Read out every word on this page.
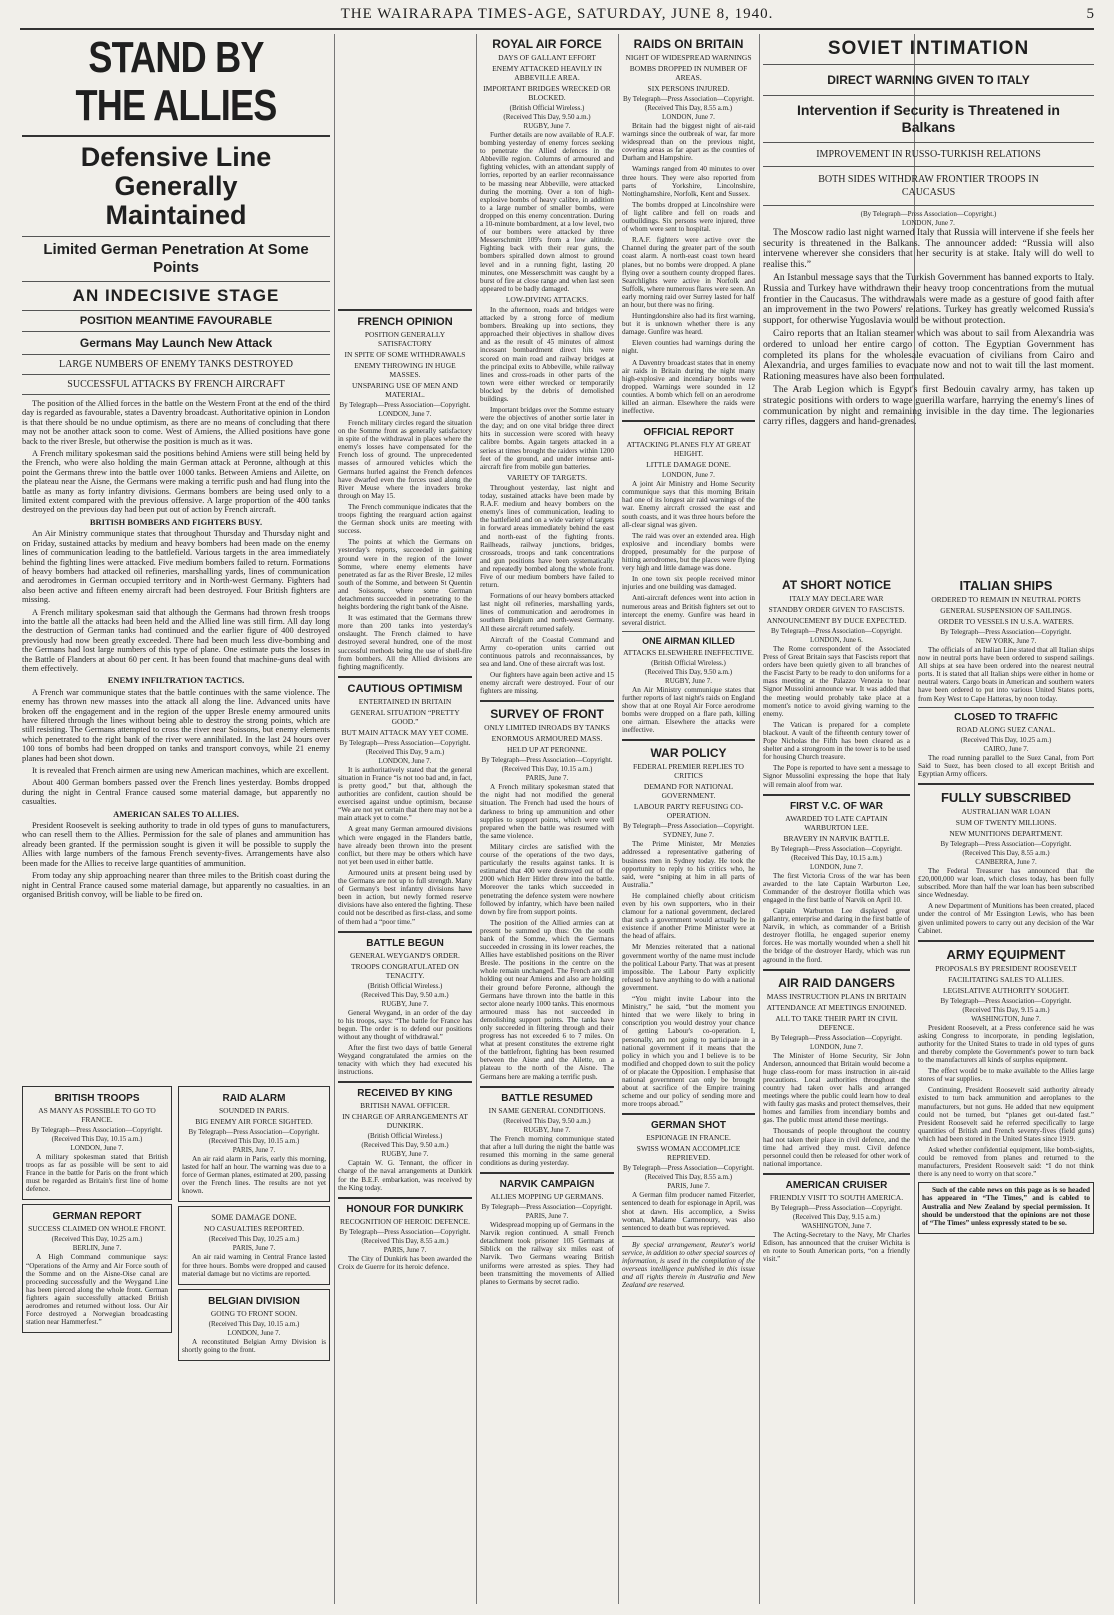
THE WAIRARAPA TIMES-AGE, SATURDAY, JUNE 8, 1940.	5
STAND BY THE ALLIES
Defensive Line Generally Maintained
Limited German Penetration At Some Points
AN INDECISIVE STAGE
POSITION MEANTIME FAVOURABLE
Germans May Launch New Attack
LARGE NUMBERS OF ENEMY TANKS DESTROYED
SUCCESSFUL ATTACKS BY FRENCH AIRCRAFT

The position of the Allied forces in the battle on the Western Front at the end of the third day is regarded as favourable, states a Daventry broadcast. Authoritative opinion in London is that there should be no undue optimism, as there are no means of concluding that there may not be another attack soon to come. West of Amiens, the Allied positions have gone back to the river Bresle, but otherwise the position is much as it was.

A French military spokesman said the positions behind Amiens were still being held by the French, who were also holding the main German attack at Peronne, although at this point the Germans threw into the battle over 1000 tanks. Between Amiens and Ailette, on the plateau near the Aisne, the Germans were making a terrific push and had flung into the battle as many as forty infantry divisions. Germans bombers are being used only to a limited extent compared with the previous offensive. A large proportion of the 400 tanks destroyed on the previous day had been put out of action by French aircraft.

BRITISH BOMBERS AND FIGHTERS BUSY.

An Air Ministry communique states that throughout Thursday and Thursday night and on Friday, sustained attacks by medium and heavy bombers had been made on the enemy lines of communication leading to the battlefield. Various targets in the area immediately behind the fighting lines were attacked. Five medium bombers failed to return. Formations of heavy bombers had attacked oil refineries, marshalling yards, lines of communication and aerodromes in German occupied territory and in North-west Germany. Fighters had also been active and fifteen enemy aircraft had been destroyed. Four British fighters are missing.

A French military spokesman said that although the Germans had thrown fresh troops into the battle all the attacks had been held and the Allied line was still firm. All day long the destruction of German tanks had continued and the earlier figure of 400 destroyed previously had now been greatly exceeded. There had been much less dive-bombing and the Germans had lost large numbers of this type of plane. One estimate puts the losses in the Battle of Flanders at about 60 per cent. It has been found that machine-guns deal with them effectively.

ENEMY INFILTRATION TACTICS.

A French war communique states that the battle continues with the same violence. The enemy has thrown new masses into the attack all along the line. Advanced units have broken off the engagement and in the region of the upper Bresle enemy armoured units have filtered through the lines without being able to destroy the strong points, which are still resisting. The Germans attempted to cross the river near Soissons, but enemy elements which penetrated to the right bank of the river were annihilated. In the last 24 hours over 100 tons of bombs had been dropped on tanks and transport convoys, while 21 enemy planes had been shot down.

It is revealed that French airmen are using new American machines, which are excellent.

About 400 German bombers passed over the French lines yesterday. Bombs dropped during the night in Central France caused some material damage, but apparently no casualties.

AMERICAN SALES TO ALLIES.

President Roosevelt is seeking authority to trade in old types of guns to manufacturers, who can resell them to the Allies. Permission for the sale of planes and ammunition has already been granted. If the permission sought is given it will be possible to supply the Allies with large numbers of the famous French seventy-fives. Arrangements have also been made for the Allies to receive large quantities of ammunition.

From today any ship approaching nearer than three miles to the British coast during the night in Central France caused some material damage, but apparently no casualties. in an organised British convoy, will be liable to be fired on.

BRITISH TROOPS
AS MANY AS POSSIBLE TO GO TO FRANCE.
By Telegraph—Press Association—Copyright.
(Received This Day, 10.15 a.m.)
LONDON, June 7.

A military spokesman stated that British troops as far as possible will be sent to aid France in the battle for Paris on the front which must be regarded as Britain's first line of home defence.

GERMAN REPORT
SUCCESS CLAIMED ON WHOLE FRONT.
(Received This Day, 10.25 a.m.)
BERLIN, June 7.

A High Command communique says: “Operations of the Army and Air Force south of the Somme and on the Aisne-Oise canal are proceeding successfully and the Weygand Line has been pierced along the whole front. German fighters again successfully attacked British aerodromes and returned without loss. Our Air Force destroyed a Norwegian broadcasting station near Hammerfest.”

RAID ALARM
SOUNDED IN PARIS.
BIG ENEMY AIR FORCE SIGHTED.
By Telegraph—Press Association—Copyright.
(Received This Day, 10.15 a.m.)
PARIS, June 7.

An air raid alarm in Paris, early this morning, lasted for half an hour. The warning was due to a force of German planes, estimated at 200, passing over the French lines. The results are not yet known.

SOME DAMAGE DONE.
NO CASUALTIES REPORTED.
(Received This Day, 10.25 a.m.)
PARIS, June 7.

An air raid warning in Central France lasted for three hours. Bombs were dropped and caused material damage but no victims are reported.

BELGIAN DIVISION
GOING TO FRONT SOON.
(Received This Day, 10.15 a.m.)
LONDON, June 7.

A reconstituted Belgian Army Division is shortly going to the front.

FRENCH OPINION
POSITION GENERALLY SATISFACTORY
IN SPITE OF SOME WITHDRAWALS
ENEMY THROWING IN HUGE MASSES.
UNSPARING USE OF MEN AND MATERIAL.
By Telegraph—Press Association—Copyright.
LONDON, June 7.

French military circles regard the situation on the Somme front as generally satisfactory in spite of the withdrawal in places where the enemy's losses have compensated for the French loss of ground. The unprecedented masses of armoured vehicles which the Germans hurled against the French defences have dwarfed even the forces used along the River Meuse where the invaders broke through on May 15.

The French communique indicates that the troops fighting the rearguard action against the German shock units are meeting with success.

The points at which the Germans on yesterday's reports, succeeded in gaining ground were in the region of the lower Somme, where enemy elements have penetrated as far as the River Bresle, 12 miles south of the Somme, and between St Quentin and Soissons, where some German detachments succeeded in penetrating to the heights bordering the right bank of the Aisne.

It was estimated that the Germans threw more than 200 tanks into yesterday's onslaught. The French claimed to have destroyed several hundred, one of the most successful methods being the use of shell-fire from bombers. All the Allied divisions are fighting magnificently.

CAUTIOUS OPTIMISM
ENTERTAINED IN BRITAIN
GENERAL SITUATION “PRETTY GOOD.”
BUT MAIN ATTACK MAY YET COME.
By Telegraph—Press Association—Copyright.
(Received This Day, 9 a.m.)
LONDON, June 7.

It is authoritatively stated that the general situation in France “is not too bad and, in fact, is pretty good,” but that, although the authorities are confident, caution should be exercised against undue optimism, because “We are not yet certain that there may not be a main attack yet to come.”

A great many German armoured divisions which were engaged in the Flanders battle, have already been thrown into the present conflict, but there may be others which have not yet been used in either battle.

Armoured units at present being used by the Germans are not up to full strength. Many of Germany's best infantry divisions have been in action, but newly formed reserve divisions have also entered the fighting. These could not be described as first-class, and some of them had a “poor time.”

BATTLE BEGUN
GENERAL WEYGAND'S ORDER.
TROOPS CONGRATULATED ON TENACITY.
(British Official Wireless.)
(Received This Day, 9.50 a.m.)
RUGBY, June 7.

General Weygand, in an order of the day to his troops, says: “The battle for France has begun. The order is to defend our positions without any thought of withdrawal.”

After the first two days of battle General Weygand congratulated the armies on the tenacity with which they had executed his instructions.

RECEIVED BY KING
BRITISH NAVAL OFFICER.
IN CHARGE OF ARRANGEMENTS AT DUNKIRK.
(British Official Wireless.)
(Received This Day, 9.50 a.m.)
RUGBY, June 7.

Captain W. G. Tennant, the officer in charge of the naval arrangements at Dunkirk for the B.E.F. embarkation, was received by the King today.

HONOUR FOR DUNKIRK
RECOGNITION OF HEROIC DEFENCE.
By Telegraph—Press Association—Copyright.
(Received This Day, 8.55 a.m.)
PARIS, June 7.

The City of Dunkirk has been awarded the Croix de Guerre for its heroic defence.

ROYAL AIR FORCE
DAYS OF GALLANT EFFORT
ENEMY ATTACKED HEAVILY IN ABBEVILLE AREA.
IMPORTANT BRIDGES WRECKED OR BLOCKED.
(British Official Wireless.)
(Received This Day, 9.50 a.m.)
RUGBY, June 7.

Further details are now available of R.A.F. bombing yesterday of enemy forces seeking to penetrate the Allied defences in the Abbeville region. Columns of armoured and fighting vehicles, with an attendant supply of lorries, reported by an earlier reconnaissance to be massing near Abbeville, were attacked during the morning. Over a ton of high-explosive bombs of heavy calibre, in addition to a large number of smaller bombs, were dropped on this enemy concentration. During a 10-minute bombardment, at a low level, two of our bombers were attacked by three Messerschmitt 109's from a low altitude. Fighting back with their rear guns, the bombers spiralled down almost to ground level and in a running fight, lasting 20 minutes, one Messerschmitt was caught by a burst of fire at close range and when last seen appeared to be badly damaged.

LOW-DIVING ATTACKS.

In the afternoon, roads and bridges were attacked by a strong force of medium bombers. Breaking up into sections, they approached their objectives in shallow dives and as the result of 45 minutes of almost incessant bombardment direct hits were scored on main road and railway bridges at the principal exits to Abbeville, while railway lines and cross-roads in other parts of the town were either wrecked or temporarily blocked by the debris of demolished buildings.

Important bridges over the Somme estuary were the objectives of another sortie later in the day; and on one vital bridge three direct hits in succession were scored with heavy calibre bombs. Again targets attacked in a series at times brought the raiders within 1200 feet of the ground, and under intense anti-aircraft fire from mobile gun batteries.

VARIETY OF TARGETS.

Throughout yesterday, last night and today, sustained attacks have been made by R.A.F. medium and heavy bombers on the enemy's lines of communication, leading to the battlefield and on a wide variety of targets in forward areas immediately behind the east and north-east of the fighting fronts. Railheads, railway junctions, bridges, crossroads, troops and tank concentrations and gun positions have been systematically and repeatedly bombed along the whole front. Five of our medium bombers have failed to return.

Formations of our heavy bombers attacked last night oil refineries, marshalling yards, lines of communication and aerodromes in southern Belgium and north-west Germany. All these aircraft returned safely.

Aircraft of the Coastal Command and Army co-operation units carried out continuous patrols and reconnaissances, by sea and land. One of these aircraft was lost.

Our fighters have again been active and 15 enemy aircraft were destroyed. Four of our fighters are missing.

SURVEY OF FRONT
ONLY LIMITED INROADS BY TANKS
ENORMOUS ARMOURED MASS.
HELD UP AT PERONNE.
By Telegraph—Press Association—Copyright.
(Received This Day, 10.15 a.m.)
PARIS, June 7.

A French military spokesman stated that the night had not modified the general situation. The French had used the hours of darkness to bring up ammunition and other supplies to support points, which were well prepared when the battle was resumed with the same violence.

Military circles are satisfied with the course of the operations of the two days, particularly the results against tanks. It is estimated that 400 were destroyed out of the 2000 which Herr Hitler threw into the battle. Moreover the tanks which succeeded in penetrating the defence system were nowhere followed by infantry, which have been nailed down by fire from support points.

The position of the Allied armies can at present be summed up thus: On the south bank of the Somme, which the Germans succeeded in crossing in its lower reaches, the Allies have established positions on the River Bresle. The positions in the centre on the whole remain unchanged. The French are still holding out near Amiens and also are holding their ground before Peronne, although the Germans have thrown into the battle in this sector alone nearly 1000 tanks. This enormous armoured mass has not succeeded in demolishing support points. The tanks have only succeeded in filtering through and their progress has not exceeded 6 to 7 miles. On what at present constitutes the extreme right of the battlefront, fighting has been resumed between the Aisne and the Ailette, on a plateau to the north of the Aisne. The Germans here are making a terrific push.

BATTLE RESUMED
IN SAME GENERAL CONDITIONS.
(Received This Day, 9.50 a.m.)
RUGBY, June 7.

The French morning communique stated that after a lull during the night the battle was resumed this morning in the same general conditions as during yesterday.

NARVIK CAMPAIGN
ALLIES MOPPING UP GERMANS.
By Telegraph—Press Association—Copyright.
PARIS, June 7.

Widespread mopping up of Germans in the Narvik region continued. A small French detachment took prisoner 105 Germans at Siblick on the railway six miles east of Narvik. Two Germans wearing British uniforms were arrested as spies. They had been transmitting the movements of Allied planes to Germans by secret radio.

RAIDS ON BRITAIN
NIGHT OF WIDESPREAD WARNINGS
BOMBS DROPPED IN NUMBER OF AREAS.
SIX PERSONS INJURED.
By Telegraph—Press Association—Copyright.
(Received This Day, 8.55 a.m.)
LONDON, June 7.

Britain had the biggest night of air-raid warnings since the outbreak of war, far more widespread than on the previous night, covering areas as far apart as the counties of Durham and Hampshire.

Warnings ranged from 40 minutes to over three hours. They were also reported from parts of Yorkshire, Lincolnshire, Nottinghamshire, Norfolk, Kent and Sussex.

The bombs dropped at Lincolnshire were of light calibre and fell on roads and outbuildings. Six persons were injured, three of whom were sent to hospital.

R.A.F. fighters were active over the Channel during the greater part of the south coast alarm. A north-east coast town heard planes, but no bombs were dropped. A plane flying over a southern county dropped flares. Searchlights were active in Norfolk and Suffolk, where numerous flares were seen. An early morning raid over Surrey lasted for half an hour, but there was no firing.

Huntingdonshire also had its first warning, but it is unknown whether there is any damage. Gunfire was heard.

Eleven counties had warnings during the night.

A Daventry broadcast states that in enemy air raids in Britain during the night many high-explosive and incendiary bombs were dropped. Warnings were sounded in 12 counties. A bomb which fell on an aerodrome killed an airman. Elsewhere the raids were ineffective.

OFFICIAL REPORT
ATTACKING PLANES FLY AT GREAT HEIGHT.
LITTLE DAMAGE DONE.
LONDON, June 7.

A joint Air Ministry and Home Security communique says that this morning Britain had one of its longest air raid warnings of the war. Enemy aircraft crossed the east and south coasts, and it was three hours before the all-clear signal was given.

The raid was over an extended area. High explosive and incendiary bombs were dropped, presumably for the purpose of hitting aerodromes, but the places were flying very high and little damage was done.

In one town six people received minor injuries and one building was damaged.

Anti-aircraft defences went into action in numerous areas and British fighters set out to intercept the enemy. Gunfire was heard in several district.

ONE AIRMAN KILLED
ATTACKS ELSEWHERE INEFFECTIVE.
(British Official Wireless.)
(Received This Day, 9.50 a.m.)
RUGBY, June 7.

An Air Ministry communique states that further reports of last night's raids on England show that at one Royal Air Force aerodrome bombs were dropped on a flare path, killing one airman. Elsewhere the attacks were ineffective.

WAR POLICY
FEDERAL PREMIER REPLIES TO CRITICS
DEMAND FOR NATIONAL GOVERNMENT.
LABOUR PARTY REFUSING CO-OPERATION.
By Telegraph—Press Association—Copyright.
SYDNEY, June 7.

The Prime Minister, Mr Menzies addressed a representative gathering of business men in Sydney today. He took the opportunity to reply to his critics who, he said, were “sniping at him in all parts of Australia.”

He complained chiefly about criticism even by his own supporters, who in their clamour for a national government, declared that such a government would actually be in existence if another Prime Minister were at the head of affairs.

Mr Menzies reiterated that a national government worthy of the name must include the political Labour Party. That was at present impossible. The Labour Party explicitly refused to have anything to do with a national government.

“You might invite Labour into the Ministry,” he said, “but the moment you hinted that we were likely to bring in conscription you would destroy your chance of getting Labour's co-operation. I, personally, am not going to participate in a national government if it means that the policy in which you and I believe is to be modified and chopped down to suit the policy of or placate the Opposition. I emphasise that national government can only be brought about at sacrifice of the Empire training scheme and our policy of sending more and more troops abroad.”

GERMAN SHOT
ESPIONAGE IN FRANCE.
SWISS WOMAN ACCOMPLICE REPRIEVED.
By Telegraph—Press Association—Copyright.
(Received This Day, 8.55 a.m.)
PARIS, June 7.

A German film producer named Fitzerler, sentenced to death for espionage in April, was shot at dawn. His accomplice, a Swiss woman, Madame Carmenoury, was also sentenced to death but was reprieved.

By special arrangement, Reuter's world service, in addition to other special sources of information, is used in the compilation of the overseas intelligence published in this issue and all rights therein in Australia and New Zealand are reserved.

SOVIET INTIMATION
DIRECT WARNING GIVEN TO ITALY
Intervention if Security is Threatened in Balkans
IMPROVEMENT IN RUSSO-TURKISH RELATIONS
BOTH SIDES WITHDRAW FRONTIER TROOPS IN CAUCASUS
(By Telegraph—Press Association—Copyright.)
LONDON, June 7.

The Moscow radio last night warned Italy that Russia will intervene if she feels her security is threatened in the Balkans. The announcer added: “Russia will also intervene wherever she considers that her security is at stake. Italy will do well to realise this.”

An Istanbul message says that the Turkish Government has banned exports to Italy. Russia and Turkey have withdrawn their heavy troop concentrations from the mutual frontier in the Caucasus. The withdrawals were made as a gesture of good faith after an improvement in the two Powers' relations. Turkey has greatly welcomed Russia's support, for otherwise Yugoslavia would be without protection.

Cairo reports that an Italian steamer which was about to sail from Alexandria was ordered to unload her entire cargo of cotton. The Egyptian Government has completed its plans for the wholesale evacuation of civilians from Cairo and Alexandria, and urges families to evacuate now and not to wait till the last moment. Rationing measures have also been formulated.

The Arab Legion which is Egypt's first Bedouin cavalry army, has taken up strategic positions with orders to wage guerilla warfare, harrying the enemy's lines of communication by night and remaining invisible in the day time. The legionaries carry rifles, daggers and hand-grenades.

AT SHORT NOTICE
ITALY MAY DECLARE WAR
STANDBY ORDER GIVEN TO FASCISTS.
ANNOUNCEMENT BY DUCE EXPECTED.
By Telegraph—Press Association—Copyright.
LONDON, June 6.

The Rome correspondent of the Associated Press of Great Britain says that Fascists report that orders have been quietly given to all branches of the Fascist Party to be ready to don uniforms for a mass meeting at the Palazzo Venezia to hear Signor Mussolini announce war. It was added that the meeting would probably take place at a moment's notice to avoid giving warning to the enemy.

The Vatican is prepared for a complete blackout. A vault of the fifteenth century tower of Pope Nicholas the Fifth has been cleared as a shelter and a strongroom in the tower is to be used for housing Church treasure.

The Pope is reported to have sent a message to Signor Mussolini expressing the hope that Italy will remain aloof from war.

FIRST V.C. OF WAR
AWARDED TO LATE CAPTAIN WARBURTON LEE.
BRAVERY IN NARVIK BATTLE.
By Telegraph—Press Association—Copyright.
(Received This Day, 10.15 a.m.)
LONDON, June 7.

The first Victoria Cross of the war has been awarded to the late Captain Warburton Lee, Commander of the destroyer flotilla which was engaged in the first battle of Narvik on April 10.

Captain Warburton Lee displayed great gallantry, enterprise and daring in the first battle of Narvik, in which, as commander of a British destroyer flotilla, he engaged superior enemy forces. He was mortally wounded when a shell hit the bridge of the destroyer Hardy, which was run aground in the fiord.

AIR RAID DANGERS
MASS INSTRUCTION PLANS IN BRITAIN
ATTENDANCE AT MEETINGS ENJOINED.
ALL TO TAKE THEIR PART IN CIVIL DEFENCE.
By Telegraph—Press Association—Copyright.
LONDON, June 7.

The Minister of Home Security, Sir John Anderson, announced that Britain would become a huge class-room for mass instruction in air-raid precautions. Local authorities throughout the country had taken over halls and arranged meetings where the public could learn how to deal with faulty gas masks and protect themselves, their homes and families from incendiary bombs and gas. The public must attend these meetings.

Thousands of people throughout the country had not taken their place in civil defence, and the time had arrived they must. Civil defence personnel could then be released for other work of national importance.

AMERICAN CRUISER
FRIENDLY VISIT TO SOUTH AMERICA.
By Telegraph—Press Association—Copyright.
(Received This Day, 9.15 a.m.)
WASHINGTON, June 7.

The Acting-Secretary to the Navy, Mr Charles Edison, has announced that the cruiser Wichita is en route to South American ports, “on a friendly visit.”

ITALIAN SHIPS
ORDERED TO REMAIN IN NEUTRAL PORTS
GENERAL SUSPENSION OF SAILINGS.
ORDER TO VESSELS IN U.S.A. WATERS.
By Telegraph—Press Association—Copyright.
NEW YORK, June 7.

The officials of an Italian Line stated that all Italian ships now in neutral ports have been ordered to suspend sailings. All ships at sea have been ordered into the nearest neutral ports. It is stated that all Italian ships were either in home or neutral waters. Cargo boats in American and southern waters have been ordered to put into various United States ports, from Key West to Cape Hatteras, by noon today.

CLOSED TO TRAFFIC
ROAD ALONG SUEZ CANAL.
(Received This Day, 10.25 a.m.)
CAIRO, June 7.

The road running parallel to the Suez Canal, from Port Said to Suez, has been closed to all except British and Egyptian Army officers.

FULLY SUBSCRIBED
AUSTRALIAN WAR LOAN
SUM OF TWENTY MILLIONS.
NEW MUNITIONS DEPARTMENT.
By Telegraph—Press Association—Copyright.
(Received This Day, 8.55 a.m.)
CANBERRA, June 7.

The Federal Treasurer has announced that the £20,000,000 war loan, which closes today, has been fully subscribed. More than half the war loan has been subscribed since Wednesday.

A new Department of Munitions has been created, placed under the control of Mr Essington Lewis, who has been given unlimited powers to carry out any decision of the War Cabinet.

ARMY EQUIPMENT
PROPOSALS BY PRESIDENT ROOSEVELT
FACILITATING SALES TO ALLIES.
LEGISLATIVE AUTHORITY SOUGHT.
By Telegraph—Press Association—Copyright.
(Received This Day, 9.15 a.m.)
WASHINGTON, June 7.

President Roosevelt, at a Press conference said he was asking Congress to incorporate, in pending legislation, authority for the United States to trade in old types of guns and thereby complete the Government's power to turn back to the manufacturers all kinds of surplus equipment.

The effect would be to make available to the Allies large stores of war supplies.

Continuing, President Roosevelt said authority already existed to turn back ammunition and aeroplanes to the manufacturers, but not guns. He added that new equipment could not be turned, but “planes get out-dated fast.” President Roosevelt said he referred specifically to large quantities of British and French seventy-fives (field guns) which had been stored in the United States since 1919.

Asked whether confidential equipment, like bomb-sights, could be removed from planes and returned to the manufacturers, President Roosevelt said: “I do not think there is any need to worry on that score.”

Such of the cable news on this page as is so headed has appeared in “The Times,” and is cabled to Australia and New Zealand by special permission. It should be understood that the opinions are not those of “The Times” unless expressly stated to be so.
